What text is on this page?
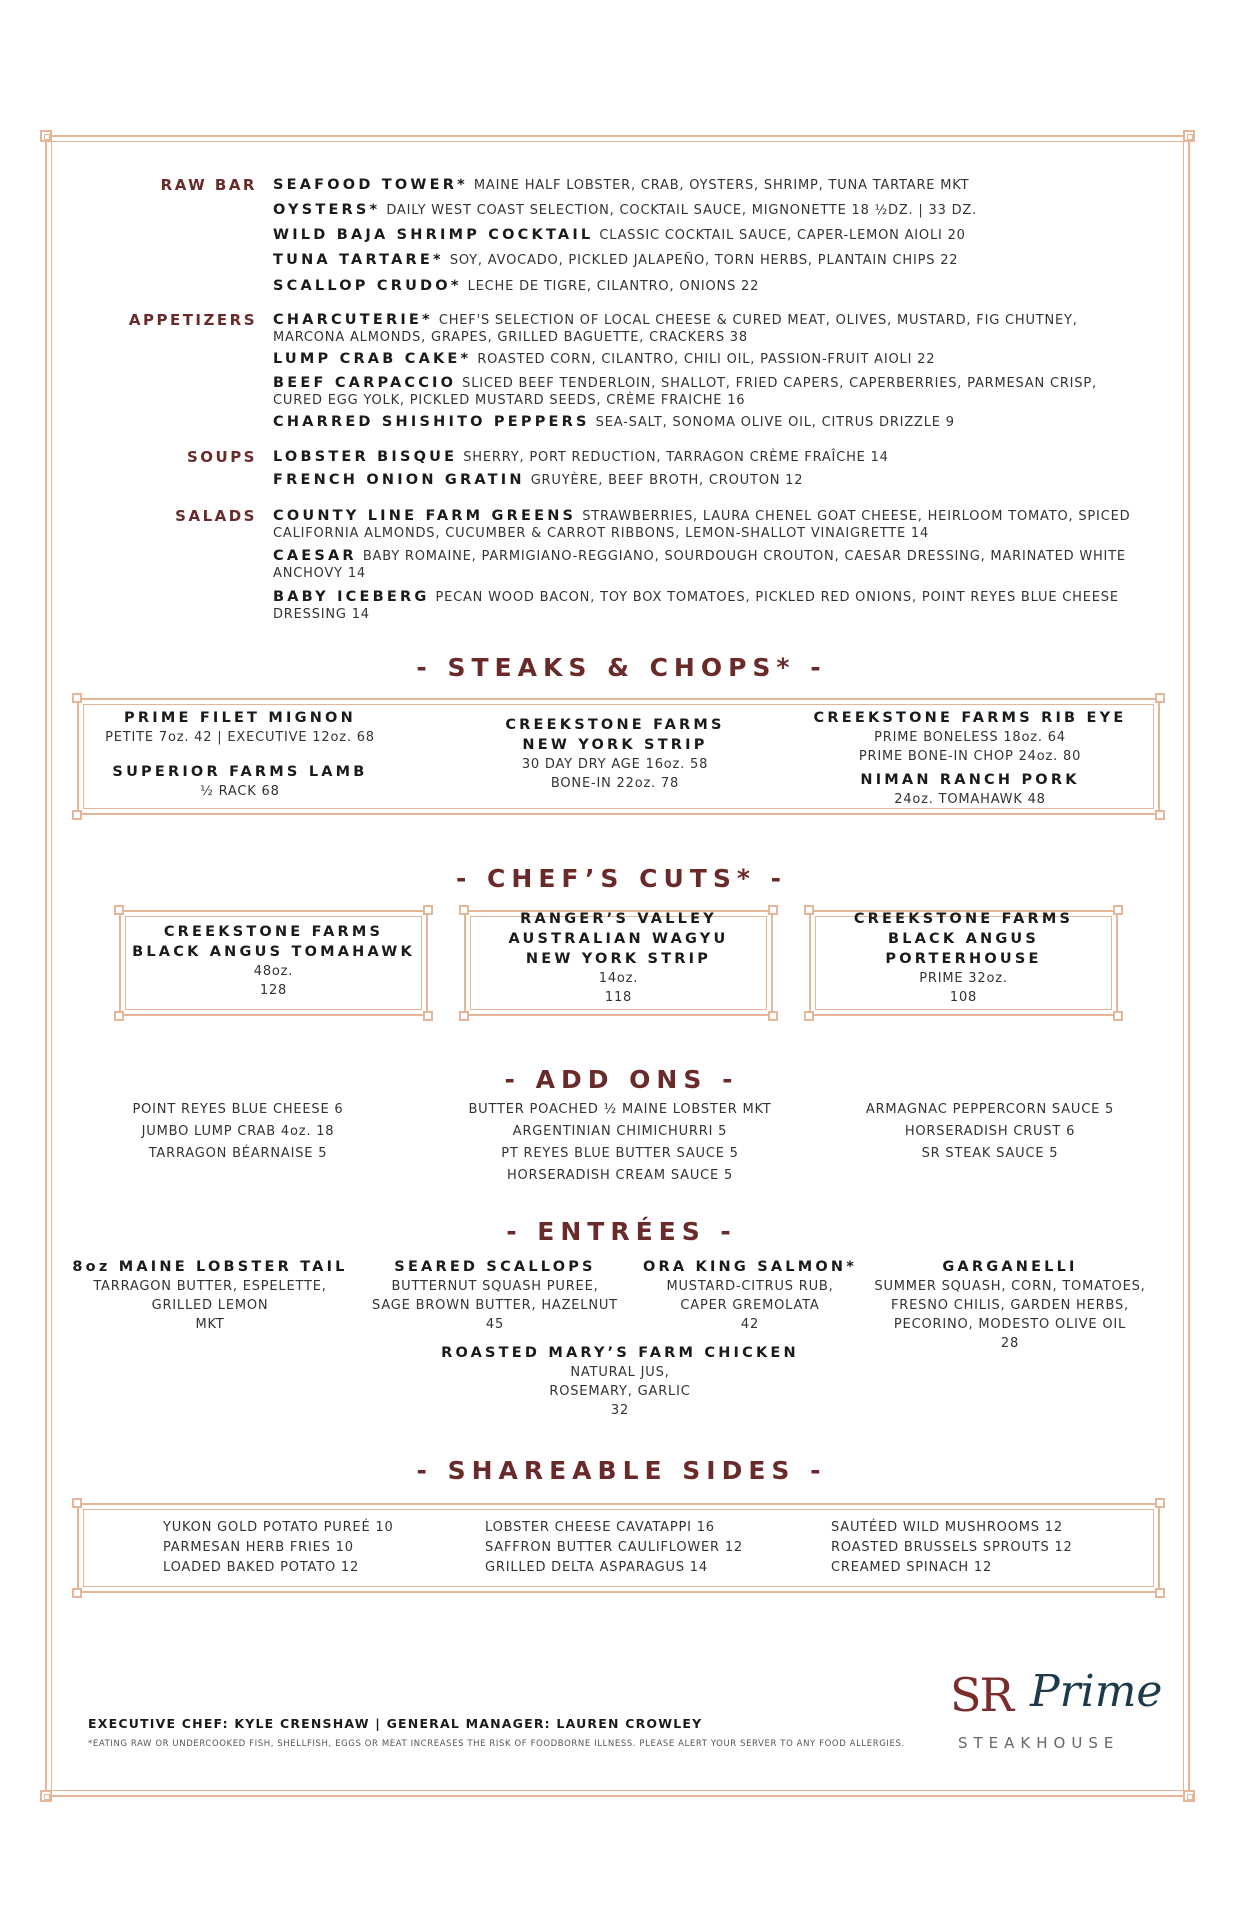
RAW BAR SEAFOOD TOWER* MAINE HALF LOBSTER, CRAB, OYSTERS, SHRIMP, TUNA TARTARE MKT
OYSTERS* DAILY WEST COAST SELECTION, COCKTAIL SAUCE, MIGNONETTE 18 ½DZ. | 33 DZ.
WILD BAJA SHRIMP COCKTAIL CLASSIC COCKTAIL SAUCE, CAPER-LEMON AIOLI 20
TUNA TARTARE* SOY, AVOCADO, PICKLED JALAPEÑO, TORN HERBS, PLANTAIN CHIPS 22
SCALLOP CRUDO* LECHE DE TIGRE, CILANTRO, ONIONS 22
APPETIZERS CHARCUTERIE* CHEF'S SELECTION OF LOCAL CHEESE & CURED MEAT, OLIVES, MUSTARD, FIG CHUTNEY, MARCONA ALMONDS, GRAPES, GRILLED BAGUETTE, CRACKERS 38
LUMP CRAB CAKE* ROASTED CORN, CILANTRO, CHILI OIL, PASSION-FRUIT AIOLI 22
BEEF CARPACCIO SLICED BEEF TENDERLOIN, SHALLOT, FRIED CAPERS, CAPERBERRIES, PARMESAN CRISP, CURED EGG YOLK, PICKLED MUSTARD SEEDS, CRÈME FRAICHE 16
CHARRED SHISHITO PEPPERS SEA-SALT, SONOMA OLIVE OIL, CITRUS DRIZZLE 9
SOUPS LOBSTER BISQUE SHERRY, PORT REDUCTION, TARRAGON CRÈME FRAÎCHE 14
FRENCH ONION GRATIN GRUYÈRE, BEEF BROTH, CROUTON 12
SALADS COUNTY LINE FARM GREENS STRAWBERRIES, LAURA CHENEL GOAT CHEESE, HEIRLOOM TOMATO, SPICED CALIFORNIA ALMONDS, CUCUMBER & CARROT RIBBONS, LEMON-SHALLOT VINAIGRETTE 14
CAESAR BABY ROMAINE, PARMIGIANO-REGGIANO, SOURDOUGH CROUTON, CAESAR DRESSING, MARINATED WHITE ANCHOVY 14
BABY ICEBERG PECAN WOOD BACON, TOY BOX TOMATOES, PICKLED RED ONIONS, POINT REYES BLUE CHEESE DRESSING 14
- STEAKS & CHOPS* -
PRIME FILET MIGNON
PETITE 7oz. 42 | EXECUTIVE 12oz. 68
SUPERIOR FARMS LAMB
½ RACK 68
CREEKSTONE FARMS
NEW YORK STRIP
30 DAY DRY AGE 16oz. 58
BONE-IN 22oz. 78
CREEKSTONE FARMS RIB EYE
PRIME BONELESS 18oz. 64
PRIME BONE-IN CHOP 24oz. 80
NIMAN RANCH PORK
24oz. TOMAHAWK 48
- CHEF’S CUTS* -
CREEKSTONE FARMS
BLACK ANGUS TOMAHAWK
48oz.
128
RANGER’S VALLEY
AUSTRALIAN WAGYU
NEW YORK STRIP
14oz.
118
CREEKSTONE FARMS
BLACK ANGUS
PORTERHOUSE
PRIME 32oz.
108
- ADD ONS -
POINT REYES BLUE CHEESE 6
JUMBO LUMP CRAB 4oz. 18
TARRAGON BÉARNAISE 5
BUTTER POACHED ½ MAINE LOBSTER MKT
ARGENTINIAN CHIMICHURRI 5
PT REYES BLUE BUTTER SAUCE 5
HORSERADISH CREAM SAUCE 5
ARMAGNAC PEPPERCORN SAUCE 5
HORSERADISH CRUST 6
SR STEAK SAUCE 5
- ENTRÉES -
8oz MAINE LOBSTER TAIL
TARRAGON BUTTER, ESPELETTE,
GRILLED LEMON
MKT
SEARED SCALLOPS
BUTTERNUT SQUASH PUREE,
SAGE BROWN BUTTER, HAZELNUT
45
ORA KING SALMON*
MUSTARD-CITRUS RUB,
CAPER GREMOLATA
42
GARGANELLI
SUMMER SQUASH, CORN, TOMATOES,
FRESNO CHILIS, GARDEN HERBS,
PECORINO, MODESTO OLIVE OIL
28
ROASTED MARY’S FARM CHICKEN
NATURAL JUS,
ROSEMARY, GARLIC
32
- SHAREABLE SIDES -
YUKON GOLD POTATO PUREÉ 10
PARMESAN HERB FRIES 10
LOADED BAKED POTATO 12
LOBSTER CHEESE CAVATAPPI 16
SAFFRON BUTTER CAULIFLOWER 12
GRILLED DELTA ASPARAGUS 14
SAUTÉED WILD MUSHROOMS 12
ROASTED BRUSSELS SPROUTS 12
CREAMED SPINACH 12
EXECUTIVE CHEF: KYLE CRENSHAW | GENERAL MANAGER: LAUREN CROWLEY
*EATING RAW OR UNDERCOOKED FISH, SHELLFISH, EGGS OR MEAT INCREASES THE RISK OF FOODBORNE ILLNESS. PLEASE ALERT YOUR SERVER TO ANY FOOD ALLERGIES.
SR Prime
STEAKHOUSE
